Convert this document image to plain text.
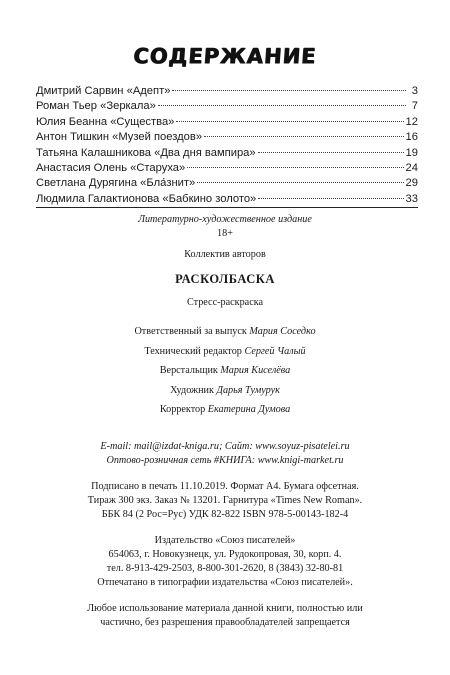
СОДЕРЖАНИЕ
Дмитрий Сарвин «Адепт»	3
Роман Тьер «Зеркала»	7
Юлия Беанна «Существа»	12
Антон Тишкин «Музей поездов»	16
Татьяна Калашникова «Два дня вампира»	19
Анастасия Олень «Старуха»	24
Светлана Дурягина «Бла́знит»	29
Людмила Галактионова «Бабкино золото»	33
Литературно-художественное издание
18+
Коллектив авторов
РАСКОЛБАСКА
Стресс-раскраска
Ответственный за выпуск Мария Соседко
Технический редактор Сергей Чалый
Верстальщик Мария Киселёва
Художник Дарья Тумурук
Корректор Екатерина Думова
E-mail: mail@izdat-kniga.ru; Сайт: www.soyuz-pisatelei.ru
Оптово-розничная сеть #КНИГА: www.knigi-market.ru
Подписано в печать 11.10.2019. Формат А4. Бумага офсетная.
Тираж 300 экз. Заказ № 13201. Гарнитура «Times New Roman».
ББК 84 (2 Рос=Рус) УДК 82-822 ISBN 978-5-00143-182-4
Издательство «Союз писателей»
654063, г. Новокузнецк, ул. Рудокопровая, 30, корп. 4.
тел. 8-913-429-2503, 8-800-301-2620, 8 (3843) 32-80-81
Отпечатано в типографии издательства «Союз писателей».
Любое использование материала данной книги, полностью или
частично, без разрешения правообладателей запрещается
